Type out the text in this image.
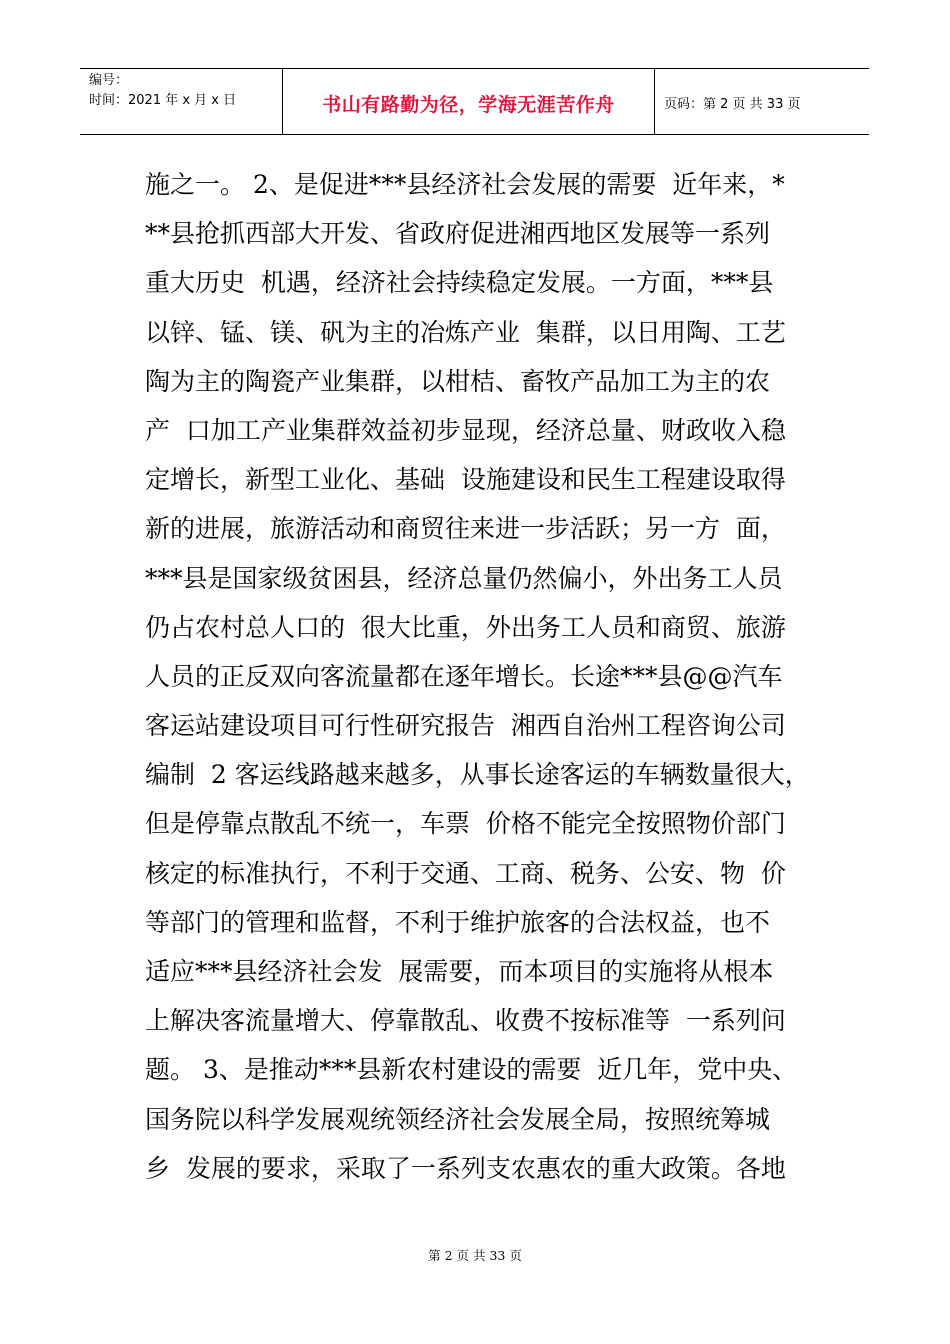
编号：
时间：2021 年 x 月 x 日	书山有路勤为径，学海无涯苦作舟	页码：第 2 页 共 33 页
施之一。 2、是促进***县经济社会发展的需要  近年来，*
**县抢抓西部大开发、省政府促进湘西地区发展等一系列
重大历史  机遇，经济社会持续稳定发展。一方面，***县
以锌、锰、镁、矾为主的冶炼产业  集群，以日用陶、工艺
陶为主的陶瓷产业集群，以柑桔、畜牧产品加工为主的农
产  口加工产业集群效益初步显现，经济总量、财政收入稳
定增长，新型工业化、基础  设施建设和民生工程建设取得
新的进展，旅游活动和商贸往来进一步活跃；另一方  面，
***县是国家级贫困县，经济总量仍然偏小，外出务工人员
仍占农村总人口的  很大比重，外出务工人员和商贸、旅游
人员的正反双向客流量都在逐年增长。长途***县@@汽车
客运站建设项目可行性研究报告  湘西自治州工程咨询公司
编制  2 客运线路越来越多，从事长途客运的车辆数量很大，
但是停靠点散乱不统一，车票  价格不能完全按照物价部门
核定的标准执行，不利于交通、工商、税务、公安、物  价
等部门的管理和监督，不利于维护旅客的合法权益，也不
适应***县经济社会发  展需要，而本项目的实施将从根本
上解决客流量增大、停靠散乱、收费不按标准等  一系列问
题。 3、是推动***县新农村建设的需要  近几年，党中央、
国务院以科学发展观统领经济社会发展全局，按照统筹城
乡  发展的要求，采取了一系列支农惠农的重大政策。各地
第 2 页 共 33 页
